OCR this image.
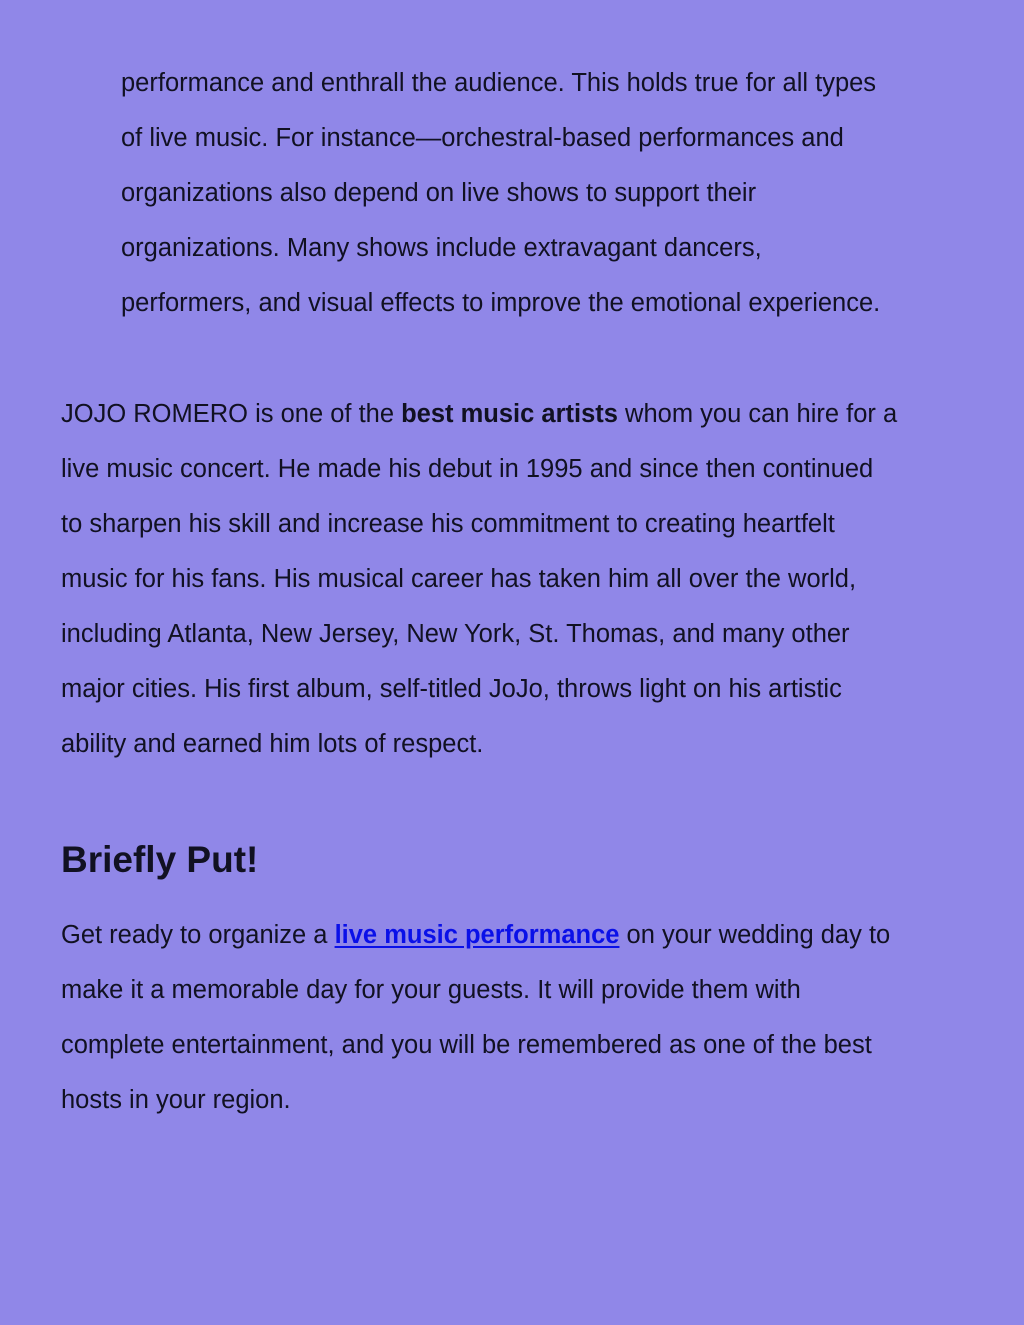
performance and enthrall the audience. This holds true for all types
of live music. For instance—orchestral-based performances and
organizations also depend on live shows to support their
organizations. Many shows include extravagant dancers,
performers, and visual effects to improve the emotional experience.
JOJO ROMERO is one of the best music artists whom you can hire for a
live music concert. He made his debut in 1995 and since then continued
to sharpen his skill and increase his commitment to creating heartfelt
music for his fans. His musical career has taken him all over the world,
including Atlanta, New Jersey, New York, St. Thomas, and many other
major cities. His first album, self-titled JoJo, throws light on his artistic
ability and earned him lots of respect.
Briefly Put!
Get ready to organize a live music performance on your wedding day to
make it a memorable day for your guests. It will provide them with
complete entertainment, and you will be remembered as one of the best
hosts in your region.
